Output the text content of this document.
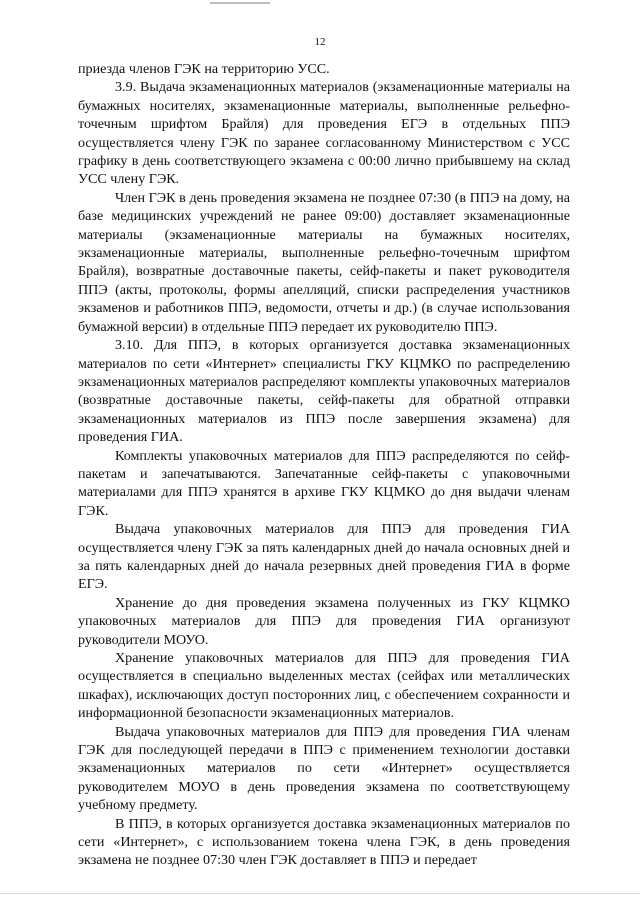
12

приезда членов ГЭК на территорию УСС.

3.9. Выдача экзаменационных материалов (экзаменационные материалы на бумажных носителях, экзаменационные материалы, выполненные рельефно-точечным шрифтом Брайля) для проведения ЕГЭ в отдельных ППЭ осуществляется члену ГЭК по заранее согласованному Министерством с УСС графику в день соответствующего экзамена с 00:00 лично прибывшему на склад УСС члену ГЭК.

Член ГЭК в день проведения экзамена не позднее 07:30 (в ППЭ на дому, на базе медицинских учреждений не ранее 09:00) доставляет экзаменационные материалы (экзаменационные материалы на бумажных носителях, экзаменационные материалы, выполненные рельефно-точечным шрифтом Брайля), возвратные доставочные пакеты, сейф-пакеты и пакет руководителя ППЭ (акты, протоколы, формы апелляций, списки распределения участников экзаменов и работников ППЭ, ведомости, отчеты и др.) (в случае использования бумажной версии) в отдельные ППЭ передает их руководителю ППЭ.

3.10. Для ППЭ, в которых организуется доставка экзаменационных материалов по сети «Интернет» специалисты ГКУ КЦМКО по распределению экзаменационных материалов распределяют комплекты упаковочных материалов (возвратные доставочные пакеты, сейф-пакеты для обратной отправки экзаменационных материалов из ППЭ после завершения экзамена) для проведения ГИА.

Комплекты упаковочных материалов для ППЭ распределяются по сейф-пакетам и запечатываются. Запечатанные сейф-пакеты с упаковочными материалами для ППЭ хранятся в архиве ГКУ КЦМКО до дня выдачи членам ГЭК.

Выдача упаковочных материалов для ППЭ для проведения ГИА осуществляется члену ГЭК за пять календарных дней до начала основных дней и за пять календарных дней до начала резервных дней проведения ГИА в форме ЕГЭ.

Хранение до дня проведения экзамена полученных из ГКУ КЦМКО упаковочных материалов для ППЭ для проведения ГИА организуют руководители МОУО.

Хранение упаковочных материалов для ППЭ для проведения ГИА осуществляется в специально выделенных местах (сейфах или металлических шкафах), исключающих доступ посторонних лиц, с обеспечением сохранности и информационной безопасности экзаменационных материалов.

Выдача упаковочных материалов для ППЭ для проведения ГИА членам ГЭК для последующей передачи в ППЭ с применением технологии доставки экзаменационных материалов по сети «Интернет» осуществляется руководителем МОУО в день проведения экзамена по соответствующему учебному предмету.

В ППЭ, в которых организуется доставка экзаменационных материалов по сети «Интернет», с использованием токена члена ГЭК, в день проведения экзамена не позднее 07:30 член ГЭК доставляет в ППЭ и передает
